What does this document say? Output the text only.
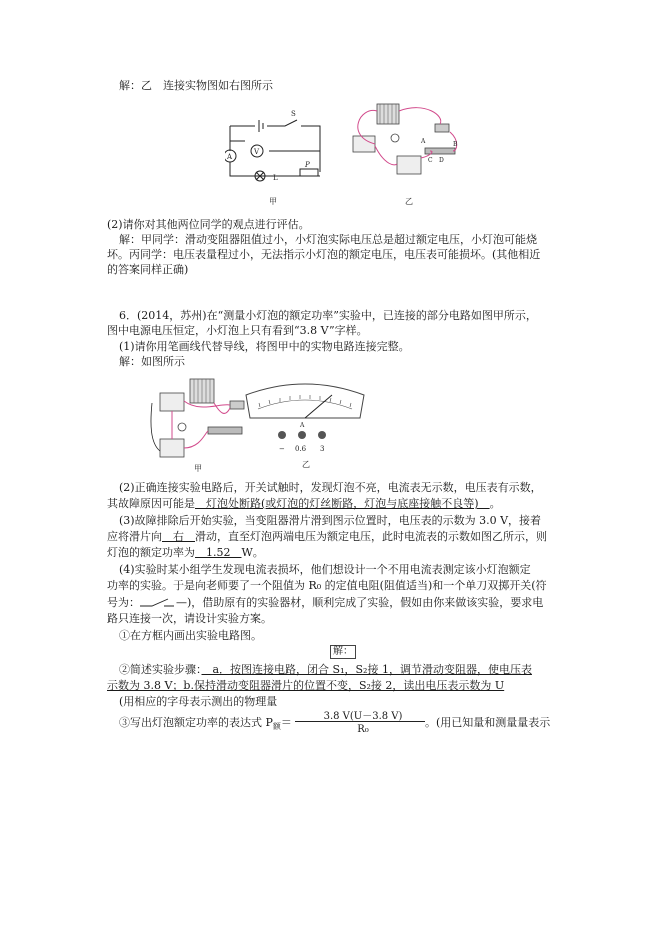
解：乙　连接实物图如右图所示
A
V
L
S
P
甲
C D
B
A
乙
(2)请你对其他两位同学的观点进行评估。
解：甲同学：滑动变阻器阻值过小，小灯泡实际电压总是超过额定电压，小灯泡可能烧
坏。丙同学：电压表量程过小，无法指示小灯泡的额定电压，电压表可能损坏。(其他相近
的答案同样正确)
6．(2014，苏州)在“测量小灯泡的额定功率”实验中，已连接的部分电路如图甲所示，
图中电源电压恒定，小灯泡上只有看到“3.8 V”字样。
(1)请你用笔画线代替导线，将图甲中的实物电路连接完整。
解：如图所示
甲
A
− 0.6 3
乙
(2)正确连接实验电路后，开关试触时，发现灯泡不亮，电流表无示数，电压表有示数，
其故障原因可能是　灯泡处断路(或灯泡的灯丝断路，灯泡与底座接触不良等)　。
(3)故障排除后开始实验，当变阻器滑片滑到图示位置时，电压表的示数为 3.0 V，接着
应将滑片向　右　滑动，直至灯泡两端电压为额定电压，此时电流表的示数如图乙所示，则
灯泡的额定功率为　1.52　W。
(4)实验时某小组学生发现电流表损坏，他们想设计一个不用电流表测定该小灯泡额定
功率的实验。于是向老师要了一个阻值为 R₀ 的定值电阻(阻值适当)和一个单刀双掷开关(符
号为：	—)，借助原有的实验器材，顺利完成了实验，假如由你来做该实验，要求电
路只连接一次，请设计实验方案。
①在方框内画出实验电路图。
解：
②简述实验步骤：　a．按图连接电路，闭合 S₁，S₂接 1，调节滑动变阻器，使电压表
示数为 3.8 V；b.保持滑动变阻器滑片的位置不变，S₂接 2，读出电压表示数为 U
(用相应的字母表示测出的物理量
③写出灯泡额定功率的表达式 $P_额=$	3.8 V(U－3.8 V)
R₀
。(用已知量和测量量表示
